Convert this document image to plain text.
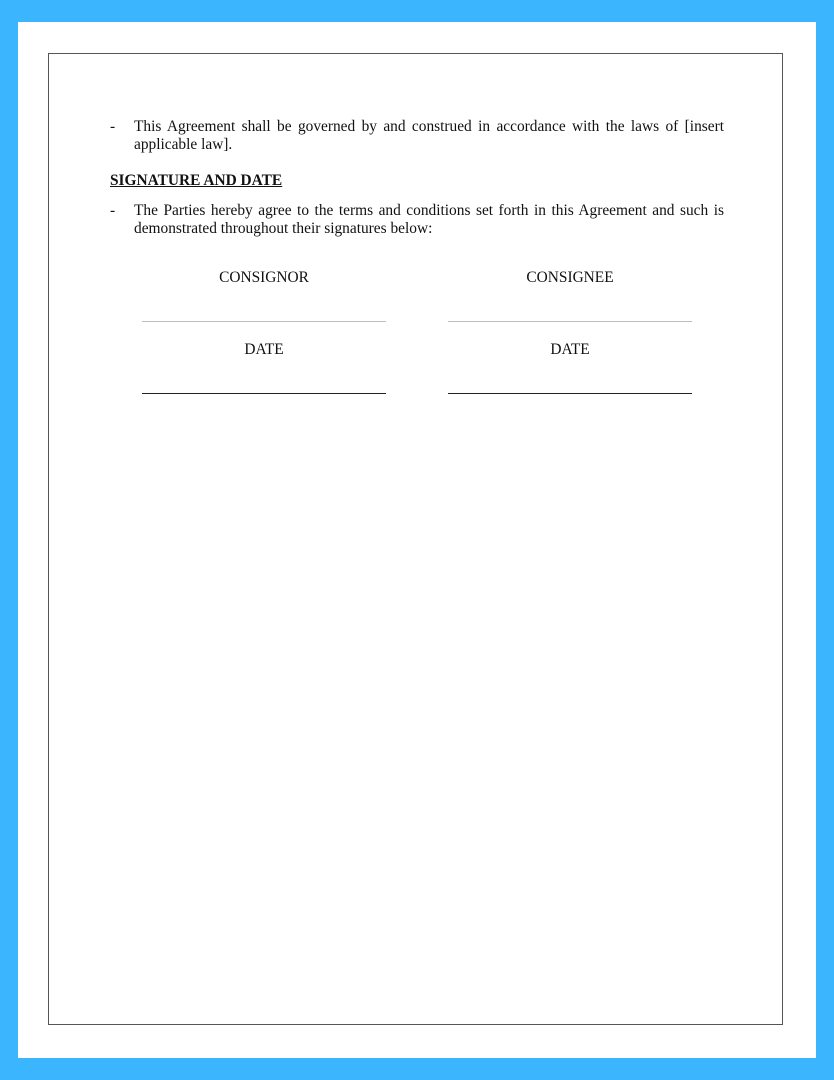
- This Agreement shall be governed by and construed in accordance with the laws of [insert applicable law].
SIGNATURE AND DATE
- The Parties hereby agree to the terms and conditions set forth in this Agreement and such is demonstrated throughout their signatures below:
CONSIGNOR	CONSIGNEE
DATE	DATE
